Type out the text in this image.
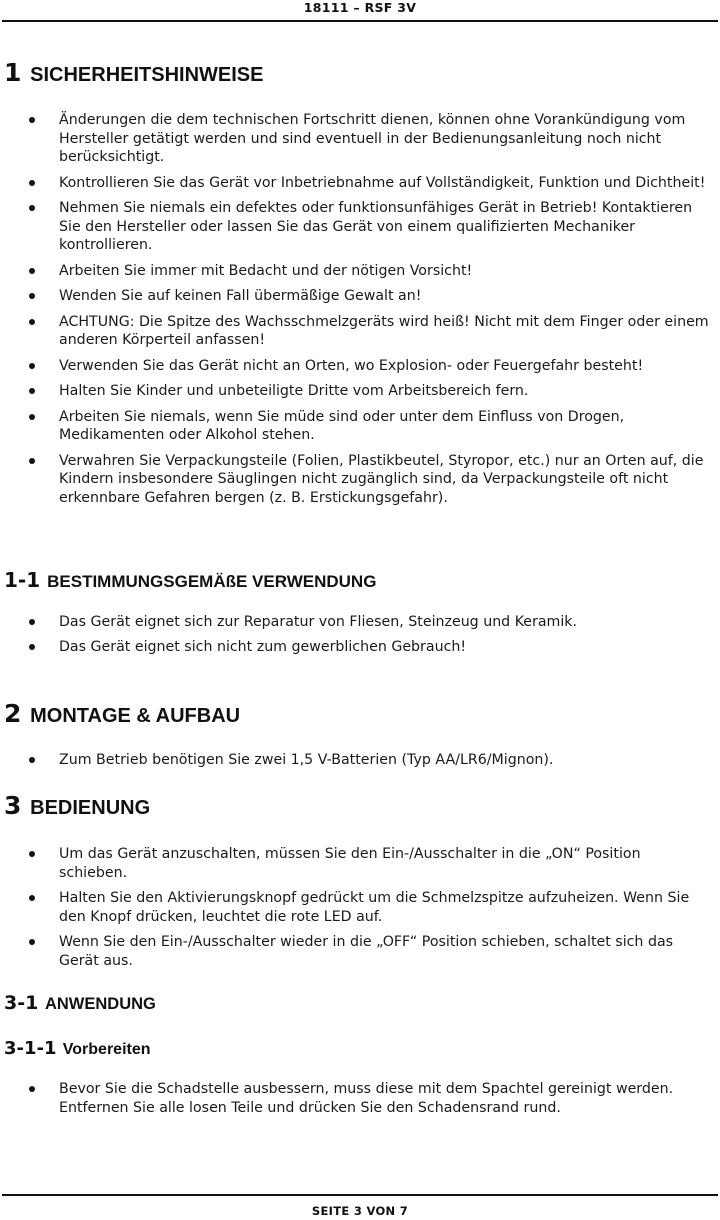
18111 – RSF 3V
1 SICHERHEITSHINWEISE
Änderungen die dem technischen Fortschritt dienen, können ohne Vorankündigung vom Hersteller getätigt werden und sind eventuell in der Bedienungsanleitung noch nicht berücksichtigt.
Kontrollieren Sie das Gerät vor Inbetriebnahme auf Vollständigkeit, Funktion und Dichtheit!
Nehmen Sie niemals ein defektes oder funktionsunfähiges Gerät in Betrieb! Kontaktieren Sie den Hersteller oder lassen Sie das Gerät von einem qualifizierten Mechaniker kontrollieren.
Arbeiten Sie immer mit Bedacht und der nötigen Vorsicht!
Wenden Sie auf keinen Fall übermäßige Gewalt an!
ACHTUNG: Die Spitze des Wachsschmelzgeräts wird heiß! Nicht mit dem Finger oder einem anderen Körperteil anfassen!
Verwenden Sie das Gerät nicht an Orten, wo Explosion- oder Feuergefahr besteht!
Halten Sie Kinder und unbeteiligte Dritte vom Arbeitsbereich fern.
Arbeiten Sie niemals, wenn Sie müde sind oder unter dem Einfluss von Drogen, Medikamenten oder Alkohol stehen.
Verwahren Sie Verpackungsteile (Folien, Plastikbeutel, Styropor, etc.) nur an Orten auf, die Kindern insbesondere Säuglingen nicht zugänglich sind, da Verpackungsteile oft nicht erkennbare Gefahren bergen (z. B. Erstickungsgefahr).
1-1 BESTIMMUNGSGEMÄßE VERWENDUNG
Das Gerät eignet sich zur Reparatur von Fliesen, Steinzeug und Keramik.
Das Gerät eignet sich nicht zum gewerblichen Gebrauch!
2 MONTAGE & AUFBAU
Zum Betrieb benötigen Sie zwei 1,5 V-Batterien (Typ AA/LR6/Mignon).
3 BEDIENUNG
Um das Gerät anzuschalten, müssen Sie den Ein-/Ausschalter in die „ON“ Position schieben.
Halten Sie den Aktivierungsknopf gedrückt um die Schmelzspitze aufzuheizen. Wenn Sie den Knopf drücken, leuchtet die rote LED auf.
Wenn Sie den Ein-/Ausschalter wieder in die „OFF“ Position schieben, schaltet sich das Gerät aus.
3-1 ANWENDUNG
3-1-1 Vorbereiten
Bevor Sie die Schadstelle ausbessern, muss diese mit dem Spachtel gereinigt werden. Entfernen Sie alle losen Teile und drücken Sie den Schadensrand rund.
SEITE 3 VON 7
